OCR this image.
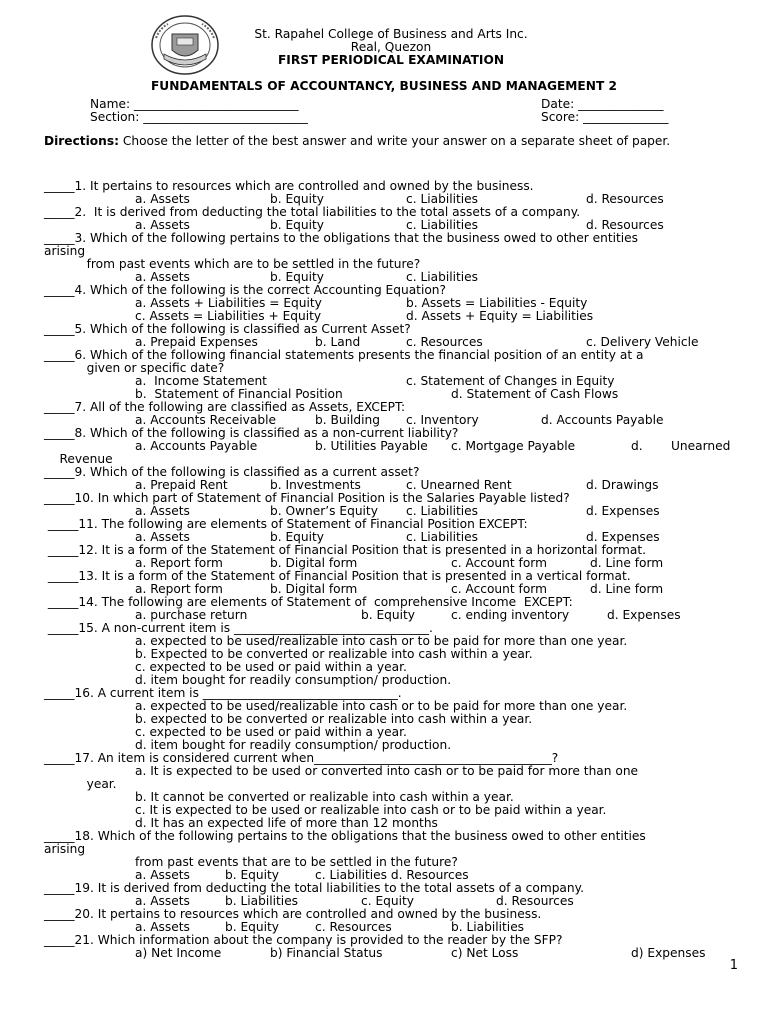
St. Rapahel College of Business and Arts Inc.
Real, Quezon
FIRST PERIODICAL EXAMINATION
FUNDAMENTALS OF ACCOUNTANCY, BUSINESS AND MANAGEMENT 2
Name: ___________________________
Section: ___________________________
Date: ______________
Score: ______________
Directions: Choose the letter of the best answer and write your answer on a separate sheet of paper.
_____1. It pertains to resources which are controlled and owned by the business.
a. Assets	b. Equity	c. Liabilities	d. Resources
_____2.  It is derived from deducting the total liabilities to the total assets of a company.
a. Assets	b. Equity	c. Liabilities	d. Resources
_____3. Which of the following pertains to the obligations that the business owed to other entities
arising
from past events which are to be settled in the future?
a. Assets	b. Equity	c. Liabilities
_____4. Which of the following is the correct Accounting Equation?
a. Assets + Liabilities = Equity	b. Assets = Liabilities - Equity
c. Assets = Liabilities + Equity	d. Assets + Equity = Liabilities
_____5. Which of the following is classified as Current Asset?
a. Prepaid Expenses	b. Land	c. Resources	c. Delivery Vehicle
_____6. Which of the following financial statements presents the financial position of an entity at a
given or specific date?
a.  Income Statement	c. Statement of Changes in Equity
b.  Statement of Financial Position	d. Statement of Cash Flows
_____7. All of the following are classified as Assets, EXCEPT:
a. Accounts Receivable	b. Building c. Inventory	d. Accounts Payable
_____8. Which of the following is classified as a non-current liability?
a. Accounts Payable	b. Utilities Payable c. Mortgage Payable	d. Unearned
Revenue
_____9. Which of the following is classified as a current asset?
a. Prepaid Rent	b. Investments	c. Unearned Rent	d. Drawings
_____10. In which part of Statement of Financial Position is the Salaries Payable listed?
a. Assets	b. Owner’s Equity c. Liabilities	d. Expenses
_____11. The following are elements of Statement of Financial Position EXCEPT:
a. Assets	b. Equity	c. Liabilities	d. Expenses
_____12. It is a form of the Statement of Financial Position that is presented in a horizontal format.
a. Report form	b. Digital form	c. Account form	d. Line form
_____13. It is a form of the Statement of Financial Position that is presented in a vertical format.
a. Report form	b. Digital form	c. Account form	d. Line form
_____14. The following are elements of Statement of  comprehensive Income  EXCEPT:
a. purchase return	b. Equity	c. ending inventory	d. Expenses
_____15. A non-current item is ________________________________.
a. expected to be used/realizable into cash or to be paid for more than one year.
b. Expected to be converted or realizable into cash within a year.
c. expected to be used or paid within a year.
d. item bought for readily consumption/ production.
_____16. A current item is ________________________________.
a. expected to be used/realizable into cash or to be paid for more than one year.
b. expected to be converted or realizable into cash within a year.
c. expected to be used or paid within a year.
d. item bought for readily consumption/ production.
_____17. An item is considered current when_______________________________________?
a. It is expected to be used or converted into cash or to be paid for more than one
year.
b. It cannot be converted or realizable into cash within a year.
c. It is expected to be used or realizable into cash or to be paid within a year.
d. It has an expected life of more than 12 months
_____18. Which of the following pertains to the obligations that the business owed to other entities
arising
from past events that are to be settled in the future?
a. Assets	b. Equity	c. Liabilities d. Resources
_____19. It is derived from deducting the total liabilities to the total assets of a company.
a. Assets	b. Liabilities	c. Equity	d. Resources
_____20. It pertains to resources which are controlled and owned by the business.
a. Assets	b. Equity	c. Resources	b. Liabilities
_____21. Which information about the company is provided to the reader by the SFP?
a) Net Income	b) Financial Status	c) Net Loss	d) Expenses
1
